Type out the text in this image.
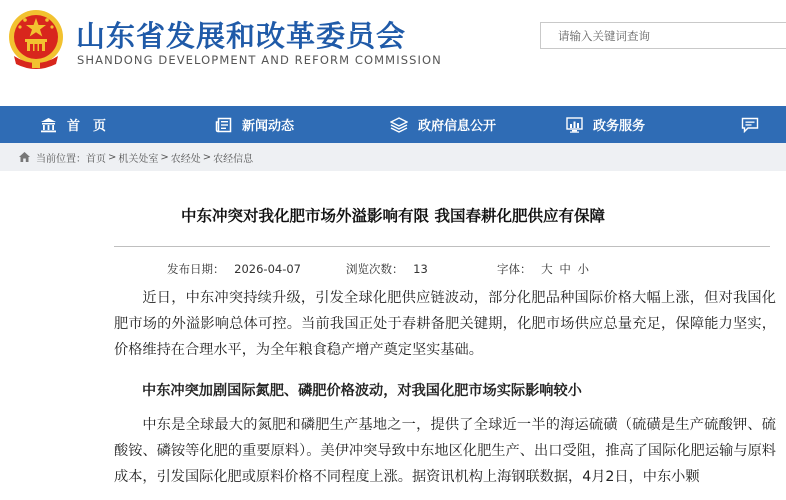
山东省发展和改革委员会
SHANDONG DEVELOPMENT AND REFORM COMMISSION
请输入关键词查询
首　页	新闻动态	政府信息公开	政务服务
当前位置： 首页 > 机关处室 > 农经处 > 农经信息
中东冲突对我化肥市场外溢影响有限 我国春耕化肥供应有保障
发布日期： 2026-04-07	浏览次数： 13	字体： 大 中 小

近日，中东冲突持续升级，引发全球化肥供应链波动，部分化肥品种国际价格大幅上涨，但对我国化肥市场的外溢影响总体可控。当前我国正处于春耕备肥关键期，化肥市场供应总量充足，保障能力坚实，价格维持在合理水平，为全年粮食稳产增产奠定坚实基础。

中东冲突加剧国际氮肥、磷肥价格波动，对我国化肥市场实际影响较小

中东是全球最大的氮肥和磷肥生产基地之一，提供了全球近一半的海运硫磺（硫磺是生产硫酸钾、硫酸铵、磷铵等化肥的重要原料）。美伊冲突导致中东地区化肥生产、出口受阻，推高了国际化肥运输与原料成本，引发国际化肥或原料价格不同程度上涨。据资讯机构上海钢联数据，4月2日，中东小颗
